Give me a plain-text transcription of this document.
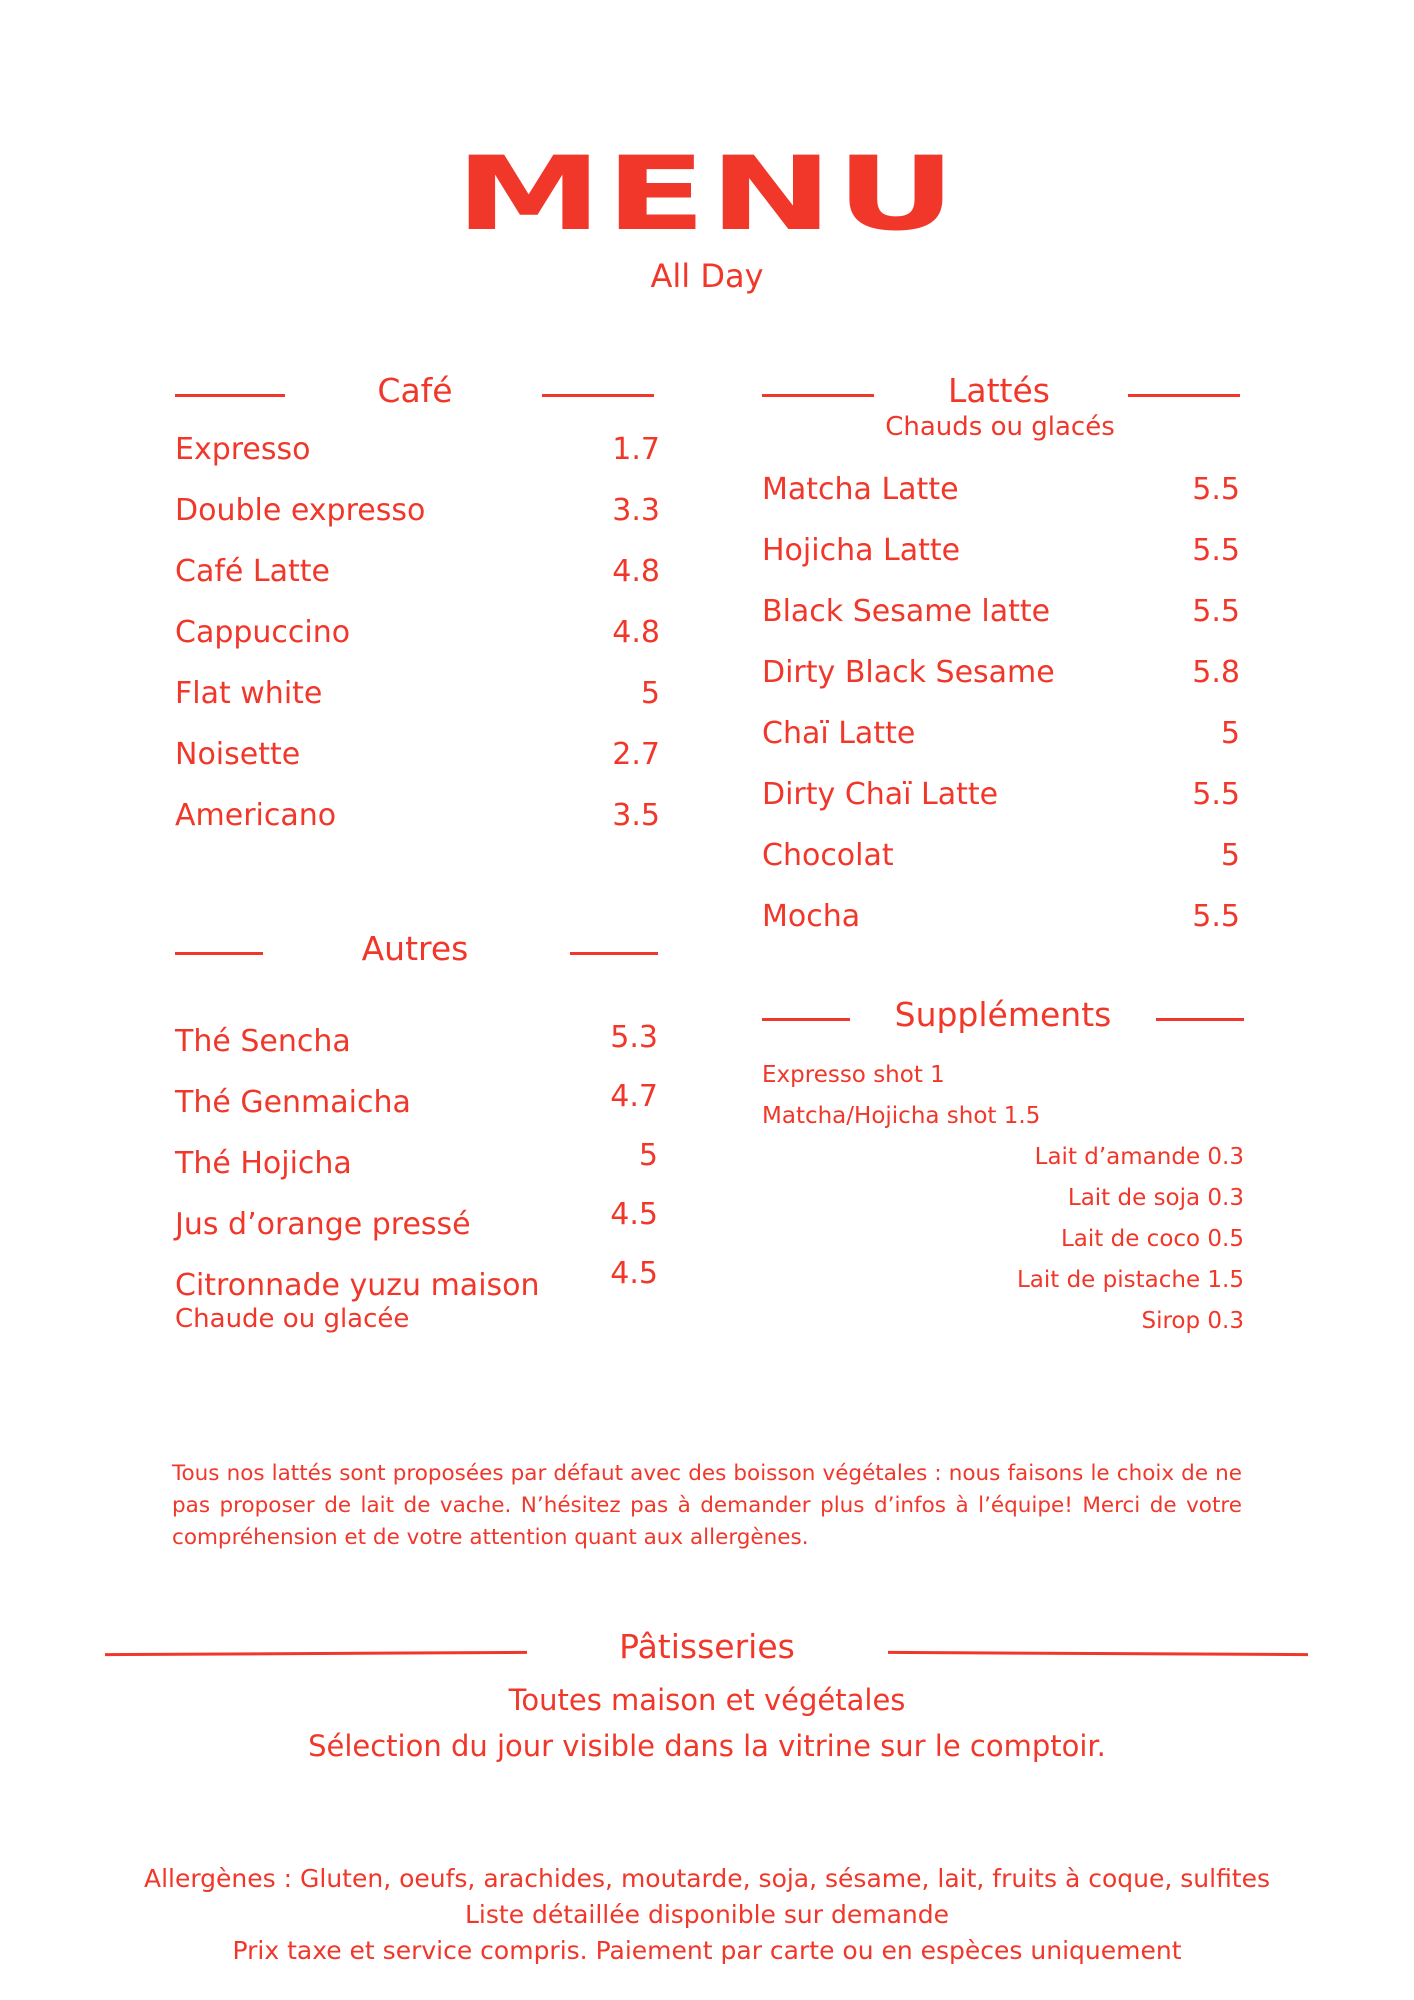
MENU
All Day
Café
Expresso	1.7
Double expresso	3.3
Café Latte	4.8
Cappuccino	4.8
Flat white	5
Noisette	2.7
Americano	3.5
Autres
Thé Sencha	5.3
Thé Genmaicha	4.7
Thé Hojicha	5
Jus d’orange pressé	4.5
Citronnade yuzu maison	4.5
Chaude ou glacée
Lattés
Chauds ou glacés
Matcha Latte	5.5
Hojicha Latte	5.5
Black Sesame latte	5.5
Dirty Black Sesame	5.8
Chaï Latte	5
Dirty Chaï Latte	5.5
Chocolat	5
Mocha	5.5
Suppléments
Expresso shot 1
Matcha/Hojicha shot 1.5
Lait d’amande 0.3
Lait de soja 0.3
Lait de coco 0.5
Lait de pistache 1.5
Sirop 0.3
Tous nos lattés sont proposées par défaut avec des boisson végétales : nous faisons le choix de ne pas proposer de lait de vache. N’hésitez pas à demander plus d’infos à l’équipe! Merci de votre compréhension et de votre attention quant aux allergènes.
Pâtisseries
Toutes maison et végétales
Sélection du jour visible dans la vitrine sur le comptoir.
Allergènes : Gluten, oeufs, arachides, moutarde, soja, sésame, lait, fruits à coque, sulfites
Liste détaillée disponible sur demande
Prix taxe et service compris. Paiement par carte ou en espèces uniquement
